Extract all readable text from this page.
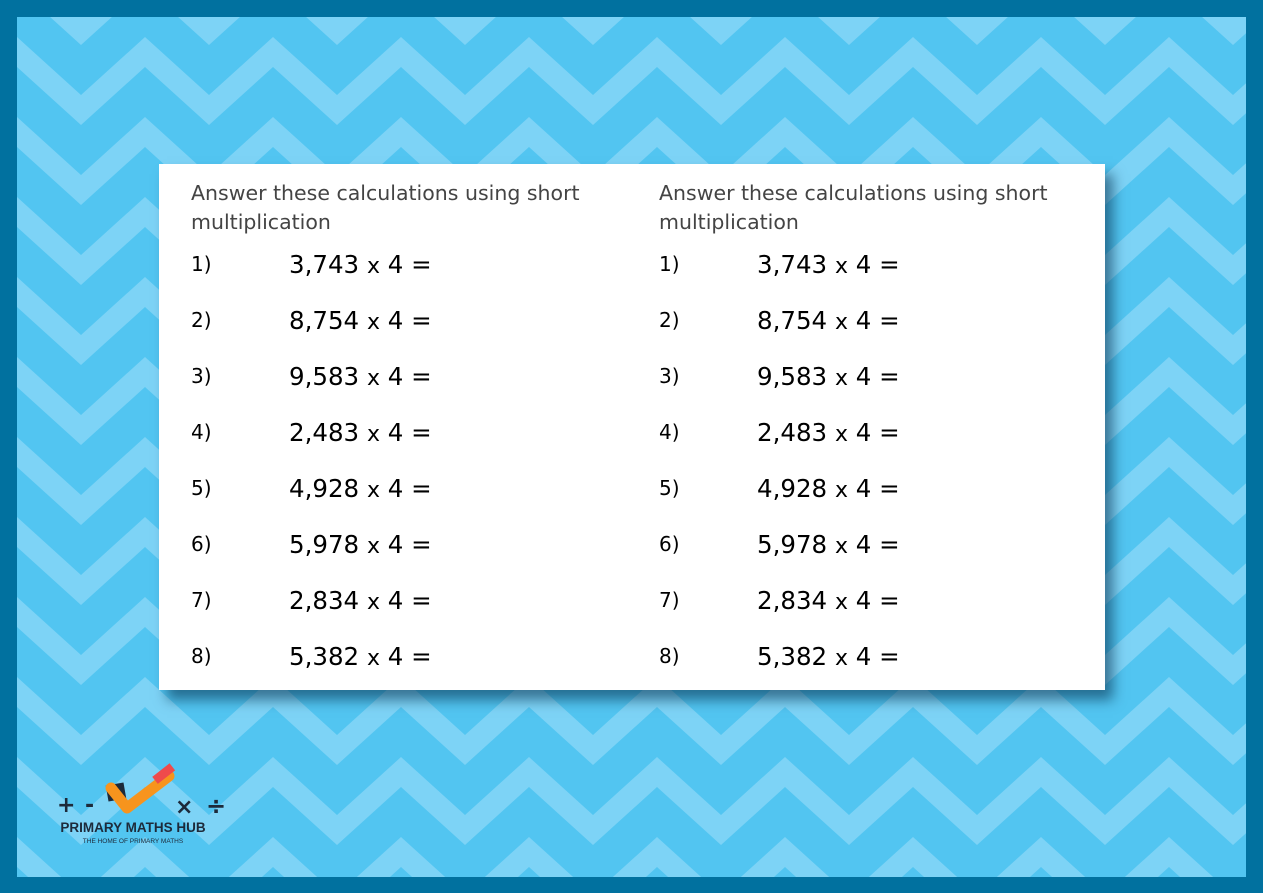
Answer these calculations using short multiplication

1)	3,743 x 4 =
2)	8,754 x 4 =
3)	9,583 x 4 =
4)	2,483 x 4 =
5)	4,928 x 4 =
6)	5,978 x 4 =
7)	2,834 x 4 =
8)	5,382 x 4 =

Answer these calculations using short multiplication

1)	3,743 x 4 =
2)	8,754 x 4 =
3)	9,583 x 4 =
4)	2,483 x 4 =
5)	4,928 x 4 =
6)	5,978 x 4 =
7)	2,834 x 4 =
8)	5,382 x 4 =
+ -	× ÷
PRIMARY MATHS HUB
THE HOME OF PRIMARY MATHS
